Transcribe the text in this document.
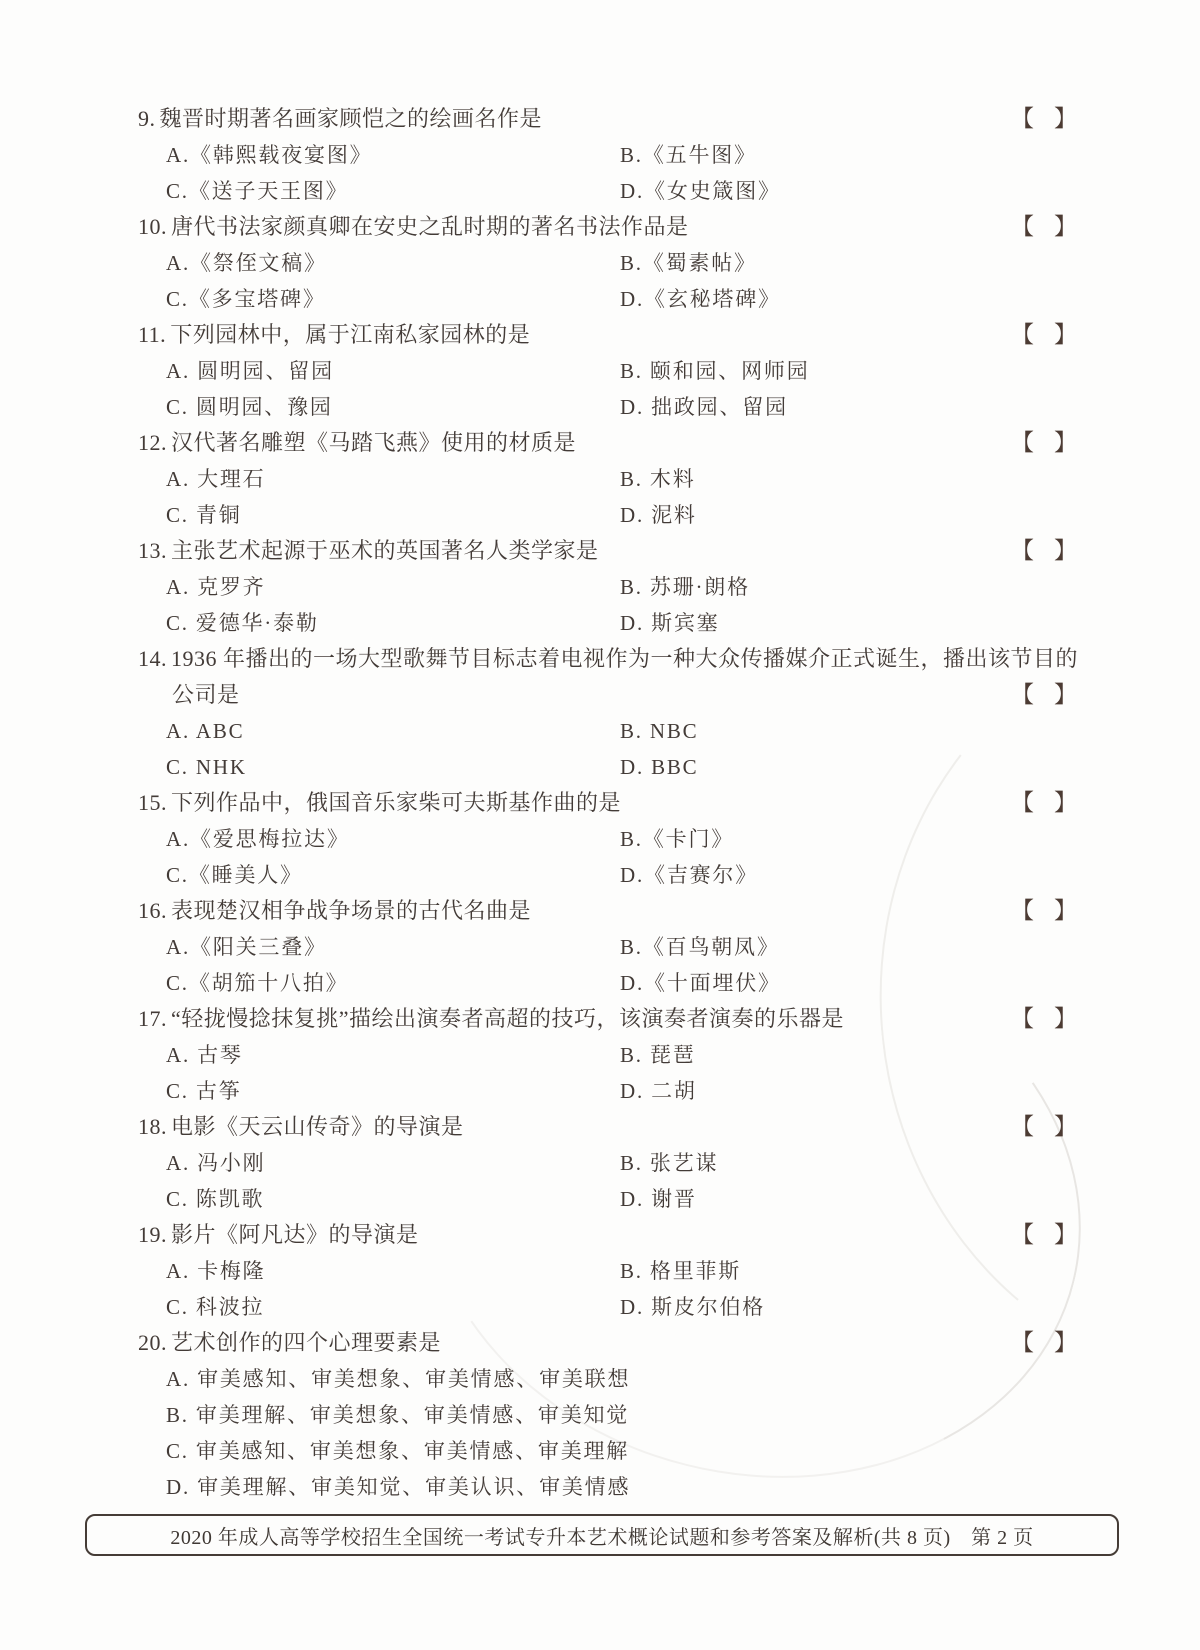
9. 魏晋时期著名画家顾恺之的绘画名作是	【 】
A.《韩熙载夜宴图》	B.《五牛图》
C.《送子天王图》	D.《女史箴图》
10. 唐代书法家颜真卿在安史之乱时期的著名书法作品是	【 】
A.《祭侄文稿》	B.《蜀素帖》
C.《多宝塔碑》	D.《玄秘塔碑》
11. 下列园林中，属于江南私家园林的是	【 】
A. 圆明园、留园	B. 颐和园、网师园
C. 圆明园、豫园	D. 拙政园、留园
12. 汉代著名雕塑《马踏飞燕》使用的材质是	【 】
A. 大理石	B. 木料
C. 青铜	D. 泥料
13. 主张艺术起源于巫术的英国著名人类学家是	【 】
A. 克罗齐	B. 苏珊·朗格
C. 爱德华·泰勒	D. 斯宾塞
14. 1936 年播出的一场大型歌舞节目标志着电视作为一种大众传播媒介正式诞生，播出该节目的
公司是	【 】
A. ABC	B. NBC
C. NHK	D. BBC
15. 下列作品中，俄国音乐家柴可夫斯基作曲的是	【 】
A.《爱思梅拉达》	B.《卡门》
C.《睡美人》	D.《吉赛尔》
16. 表现楚汉相争战争场景的古代名曲是	【 】
A.《阳关三叠》	B.《百鸟朝凤》
C.《胡笳十八拍》	D.《十面埋伏》
17. “轻拢慢捻抹复挑”描绘出演奏者高超的技巧，该演奏者演奏的乐器是	【 】
A. 古琴	B. 琵琶
C. 古筝	D. 二胡
18. 电影《天云山传奇》的导演是	【 】
A. 冯小刚	B. 张艺谋
C. 陈凯歌	D. 谢晋
19. 影片《阿凡达》的导演是	【 】
A. 卡梅隆	B. 格里菲斯
C. 科波拉	D. 斯皮尔伯格
20. 艺术创作的四个心理要素是	【 】
A. 审美感知、审美想象、审美情感、审美联想
B. 审美理解、审美想象、审美情感、审美知觉
C. 审美感知、审美想象、审美情感、审美理解
D. 审美理解、审美知觉、审美认识、审美情感
2020 年成人高等学校招生全国统一考试专升本艺术概论试题和参考答案及解析(共 8 页)　第 2 页
